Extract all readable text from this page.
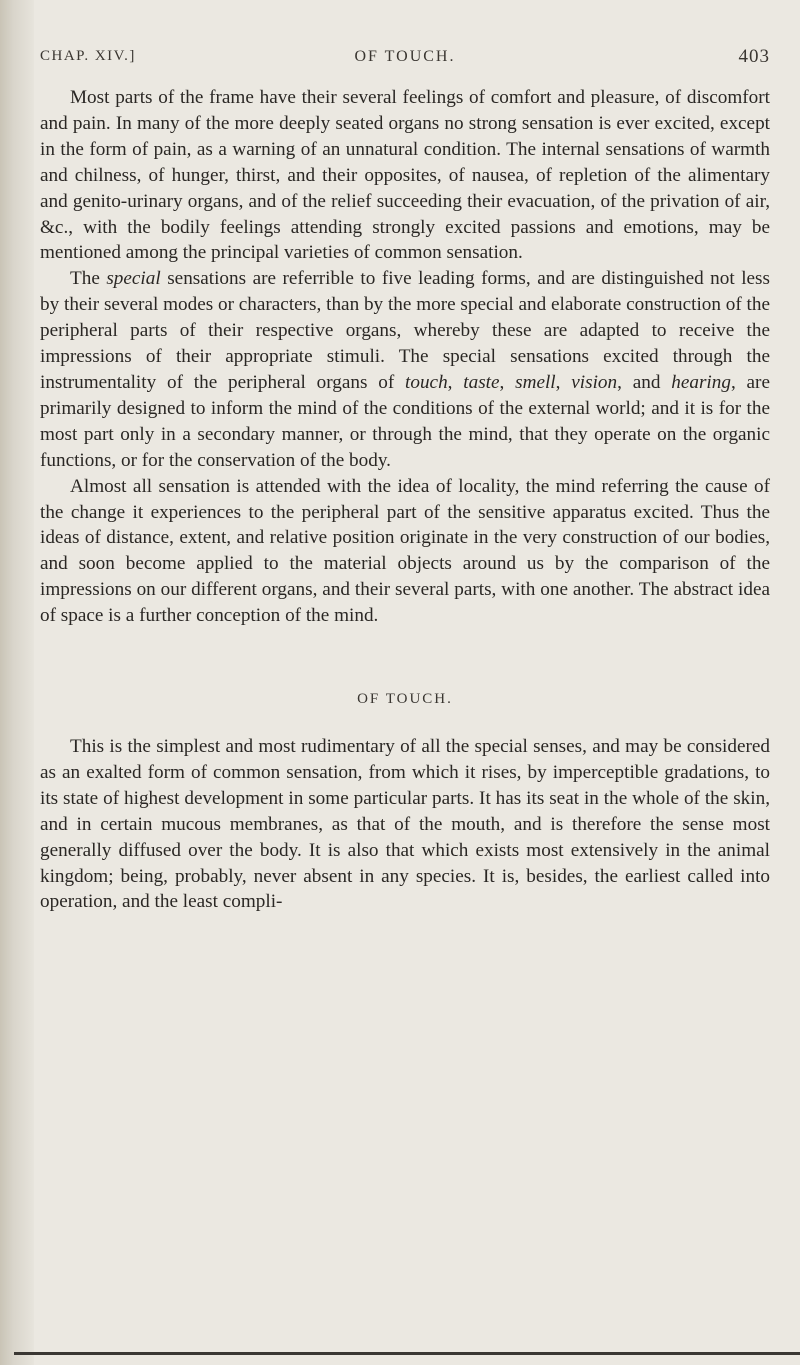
CHAP. XIV.]	OF TOUCH.	403

Most parts of the frame have their several feelings of comfort and pleasure, of discomfort and pain. In many of the more deeply seated organs no strong sensation is ever excited, except in the form of pain, as a warning of an unnatural condition. The internal sensations of warmth and chilness, of hunger, thirst, and their opposites, of nausea, of repletion of the alimentary and genito-urinary organs, and of the relief succeeding their evacuation, of the privation of air, &c., with the bodily feelings attending strongly excited passions and emotions, may be mentioned among the principal varieties of common sensation.

The special sensations are referrible to five leading forms, and are distinguished not less by their several modes or characters, than by the more special and elaborate construction of the peripheral parts of their respective organs, whereby these are adapted to receive the impressions of their appropriate stimuli. The special sensations excited through the instrumentality of the peripheral organs of touch, taste, smell, vision, and hearing, are primarily designed to inform the mind of the conditions of the external world; and it is for the most part only in a secondary manner, or through the mind, that they operate on the organic functions, or for the conservation of the body.

Almost all sensation is attended with the idea of locality, the mind referring the cause of the change it experiences to the peripheral part of the sensitive apparatus excited. Thus the ideas of distance, extent, and relative position originate in the very construction of our bodies, and soon become applied to the material objects around us by the comparison of the impressions on our different organs, and their several parts, with one another. The abstract idea of space is a further conception of the mind.

OF TOUCH.

This is the simplest and most rudimentary of all the special senses, and may be considered as an exalted form of common sensation, from which it rises, by imperceptible gradations, to its state of highest development in some particular parts. It has its seat in the whole of the skin, and in certain mucous membranes, as that of the mouth, and is therefore the sense most generally diffused over the body. It is also that which exists most extensively in the animal kingdom; being, probably, never absent in any species. It is, besides, the earliest called into operation, and the least compli-
